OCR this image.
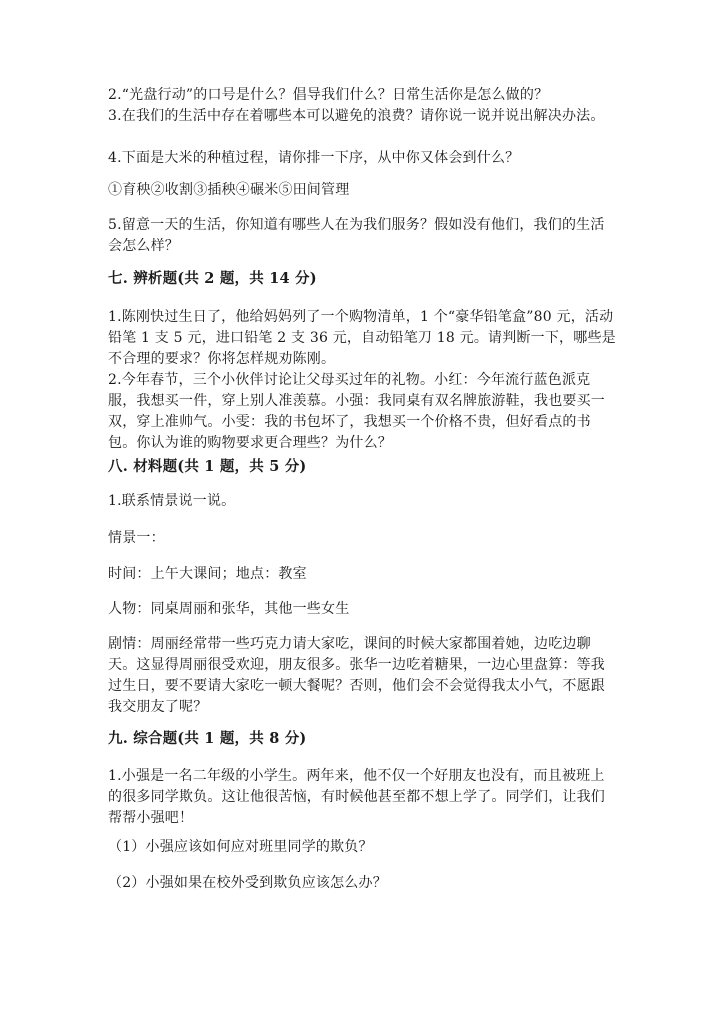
2.“光盘行动”的口号是什么？倡导我们什么？日常生活你是怎么做的？
3.在我们的生活中存在着哪些本可以避免的浪费？请你说一说并说出解决办法。
4.下面是大米的种植过程，请你排一下序，从中你又体会到什么？
①育秧②收割③插秧④碾米⑤田间管理
5.留意一天的生活，你知道有哪些人在为我们服务？假如没有他们，我们的生活会怎么样？
七. 辨析题(共 2 题，共 14 分)
1.陈刚快过生日了，他给妈妈列了一个购物清单，1 个“豪华铅笔盒”80 元，活动铅笔 1 支 5 元，进口铅笔 2 支 36 元，自动铅笔刀 18 元。请判断一下，哪些是不合理的要求？你将怎样规劝陈刚。
2.今年春节，三个小伙伴讨论让父母买过年的礼物。小红：今年流行蓝色派克服，我想买一件，穿上别人准羡慕。小强：我同桌有双名牌旅游鞋，我也要买一双，穿上准帅气。小雯：我的书包坏了，我想买一个价格不贵，但好看点的书包。你认为谁的购物要求更合理些？为什么？
八. 材料题(共 1 题，共 5 分)
1.联系情景说一说。
情景一：
时间：上午大课间；地点：教室
人物：同桌周丽和张华，其他一些女生
剧情：周丽经常带一些巧克力请大家吃，课间的时候大家都围着她，边吃边聊天。这显得周丽很受欢迎，朋友很多。张华一边吃着糖果，一边心里盘算：等我过生日，要不要请大家吃一顿大餐呢？否则，他们会不会觉得我太小气，不愿跟我交朋友了呢？
九. 综合题(共 1 题，共 8 分)
1.小强是一名二年级的小学生。两年来，他不仅一个好朋友也没有，而且被班上的很多同学欺负。这让他很苦恼，有时候他甚至都不想上学了。同学们，让我们帮帮小强吧！
（1）小强应该如何应对班里同学的欺负？
（2）小强如果在校外受到欺负应该怎么办？
